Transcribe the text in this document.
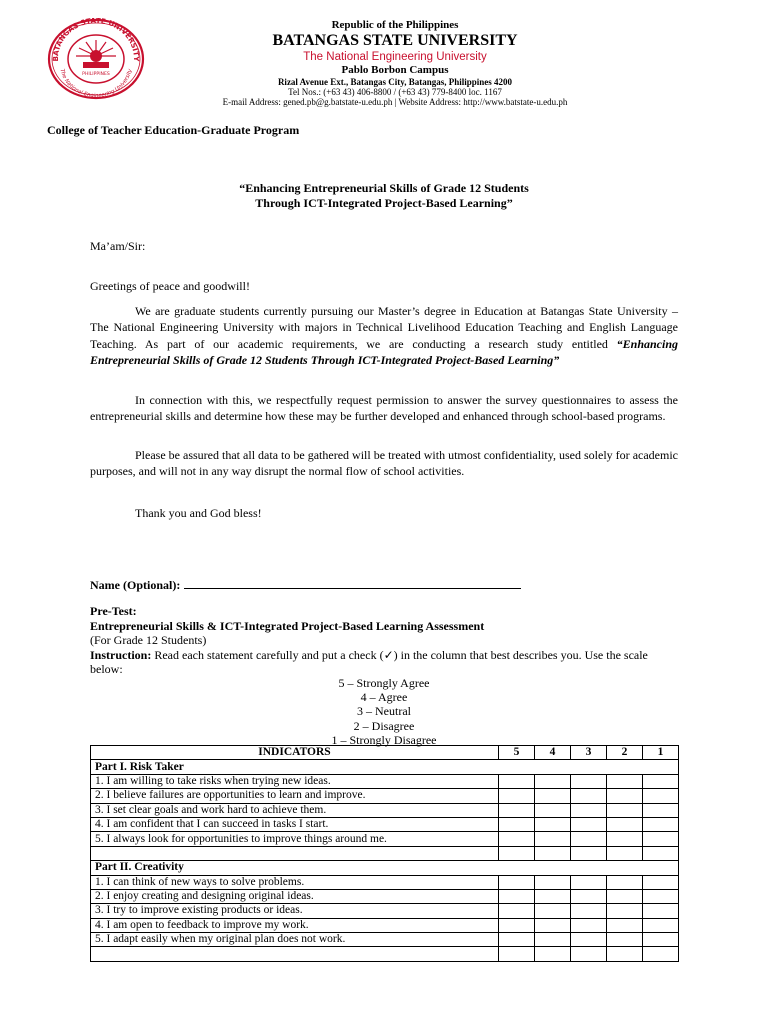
BATANGAS STATE UNIVERSITY
The National Engineering University
PHILIPPINES
Republic of the Philippines
BATANGAS STATE UNIVERSITY
The National Engineering University
Pablo Borbon Campus
Rizal Avenue Ext., Batangas City, Batangas, Philippines 4200
Tel Nos.: (+63 43) 406-8800 / (+63 43) 779-8400 loc. 1167
E-mail Address: gened.pb@g.batstate-u.edu.ph | Website Address: http://www.batstate-u.edu.ph
College of Teacher Education-Graduate Program
“Enhancing Entrepreneurial Skills of Grade 12 Students
Through ICT-Integrated Project-Based Learning”
Ma’am/Sir:
Greetings of peace and goodwill!
We are graduate students currently pursuing our Master’s degree in Education at Batangas State University – The National Engineering University with majors in Technical Livelihood Education Teaching and English Language Teaching. As part of our academic requirements, we are conducting a research study entitled “Enhancing Entrepreneurial Skills of Grade 12 Students Through ICT-Integrated Project-Based Learning”
In connection with this, we respectfully request permission to answer the survey questionnaires to assess the entrepreneurial skills and determine how these may be further developed and enhanced through school-based programs.
Please be assured that all data to be gathered will be treated with utmost confidentiality, used solely for academic purposes, and will not in any way disrupt the normal flow of school activities.
Thank you and God bless!
Name (Optional):
Pre-Test:
Entrepreneurial Skills & ICT-Integrated Project-Based Learning Assessment
(For Grade 12 Students)
Instruction: Read each statement carefully and put a check (✓) in the column that best describes you. Use the scale below:
5 – Strongly Agree
4 – Agree
3 – Neutral
2 – Disagree
1 – Strongly Disagree
INDICATORS	5	4	3	2	1
Part I. Risk Taker					
1. I am willing to take risks when trying new ideas.					
2. I believe failures are opportunities to learn and improve.					
3. I set clear goals and work hard to achieve them.					
4. I am confident that I can succeed in tasks I start.					
5. I always look for opportunities to improve things around me.					

Part II. Creativity					
1. I can think of new ways to solve problems.					
2. I enjoy creating and designing original ideas.					
3. I try to improve existing products or ideas.					
4. I am open to feedback to improve my work.					
5. I adapt easily when my original plan does not work.					
